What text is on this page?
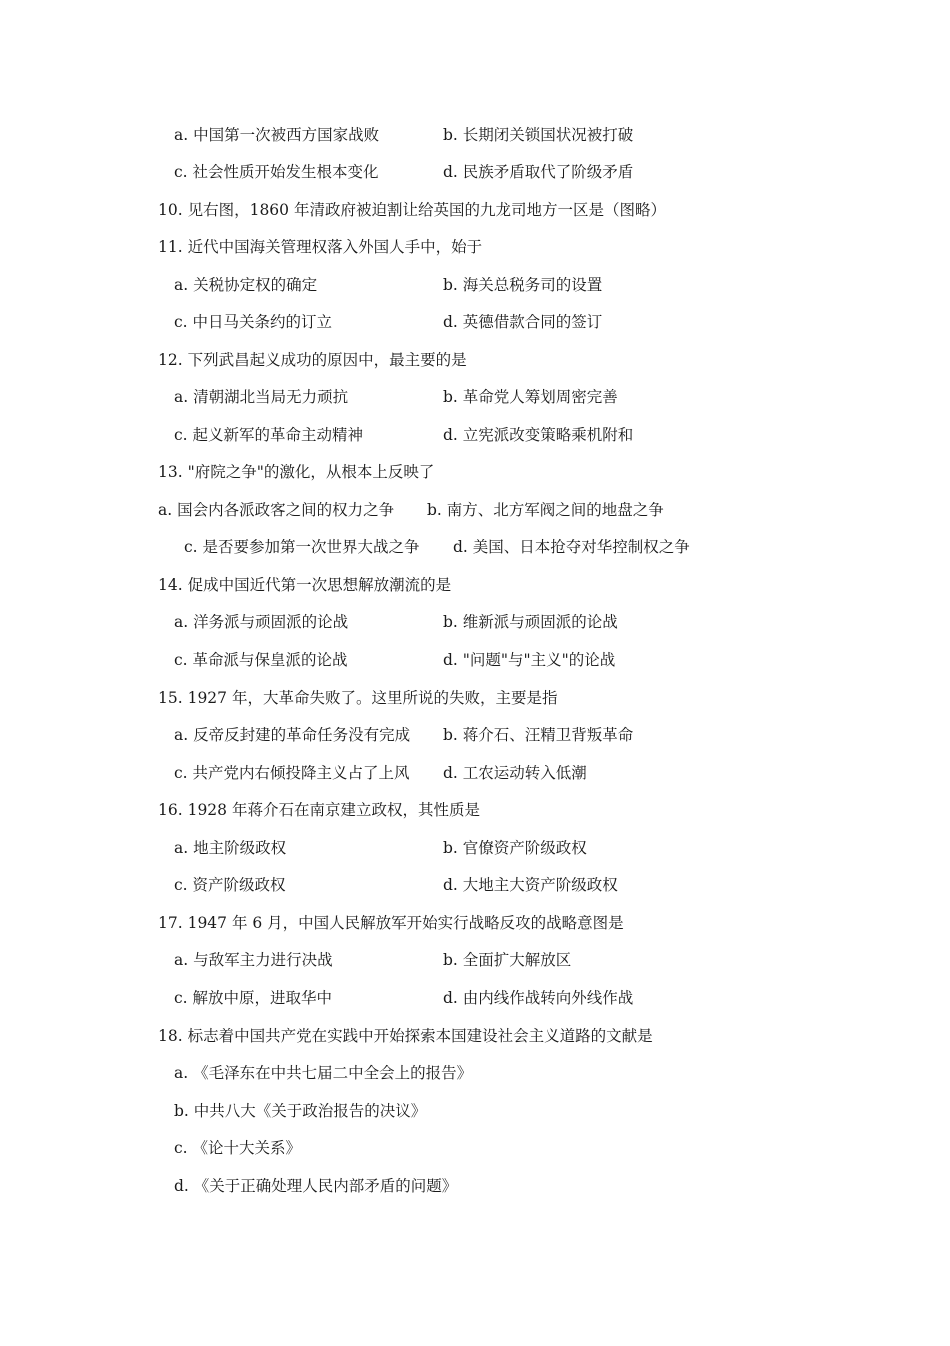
a. 中国第一次被西方国家战败	b. 长期闭关锁国状况被打破
c. 社会性质开始发生根本变化	d. 民族矛盾取代了阶级矛盾
10. 见右图，1860 年清政府被迫割让给英国的九龙司地方一区是（图略）
11. 近代中国海关管理权落入外国人手中，始于
a. 关税协定权的确定	b. 海关总税务司的设置
c. 中日马关条约的订立	d. 英德借款合同的签订
12. 下列武昌起义成功的原因中，最主要的是
a. 清朝湖北当局无力顽抗	b. 革命党人筹划周密完善
c. 起义新军的革命主动精神	d. 立宪派改变策略乘机附和
13. "府院之争"的激化，从根本上反映了
a. 国会内各派政客之间的权力之争 b. 南方、北方军阀之间的地盘之争
c. 是否要参加第一次世界大战之争 d. 美国、日本抢夺对华控制权之争
14. 促成中国近代第一次思想解放潮流的是
a. 洋务派与顽固派的论战	b. 维新派与顽固派的论战
c. 革命派与保皇派的论战	d. "问题"与"主义"的论战
15. 1927 年，大革命失败了。这里所说的失败，主要是指
a. 反帝反封建的革命任务没有完成 b. 蒋介石、汪精卫背叛革命
c. 共产党内右倾投降主义占了上风 d. 工农运动转入低潮
16. 1928 年蒋介石在南京建立政权，其性质是
a. 地主阶级政权	b. 官僚资产阶级政权
c. 资产阶级政权	d. 大地主大资产阶级政权
17. 1947 年 6 月，中国人民解放军开始实行战略反攻的战略意图是
a. 与敌军主力进行决战	b. 全面扩大解放区
c. 解放中原，进取华中	d. 由内线作战转向外线作战
18. 标志着中国共产党在实践中开始探索本国建设社会主义道路的文献是
a. 《毛泽东在中共七届二中全会上的报告》
b. 中共八大《关于政治报告的决议》
c. 《论十大关系》
d. 《关于正确处理人民内部矛盾的问题》
